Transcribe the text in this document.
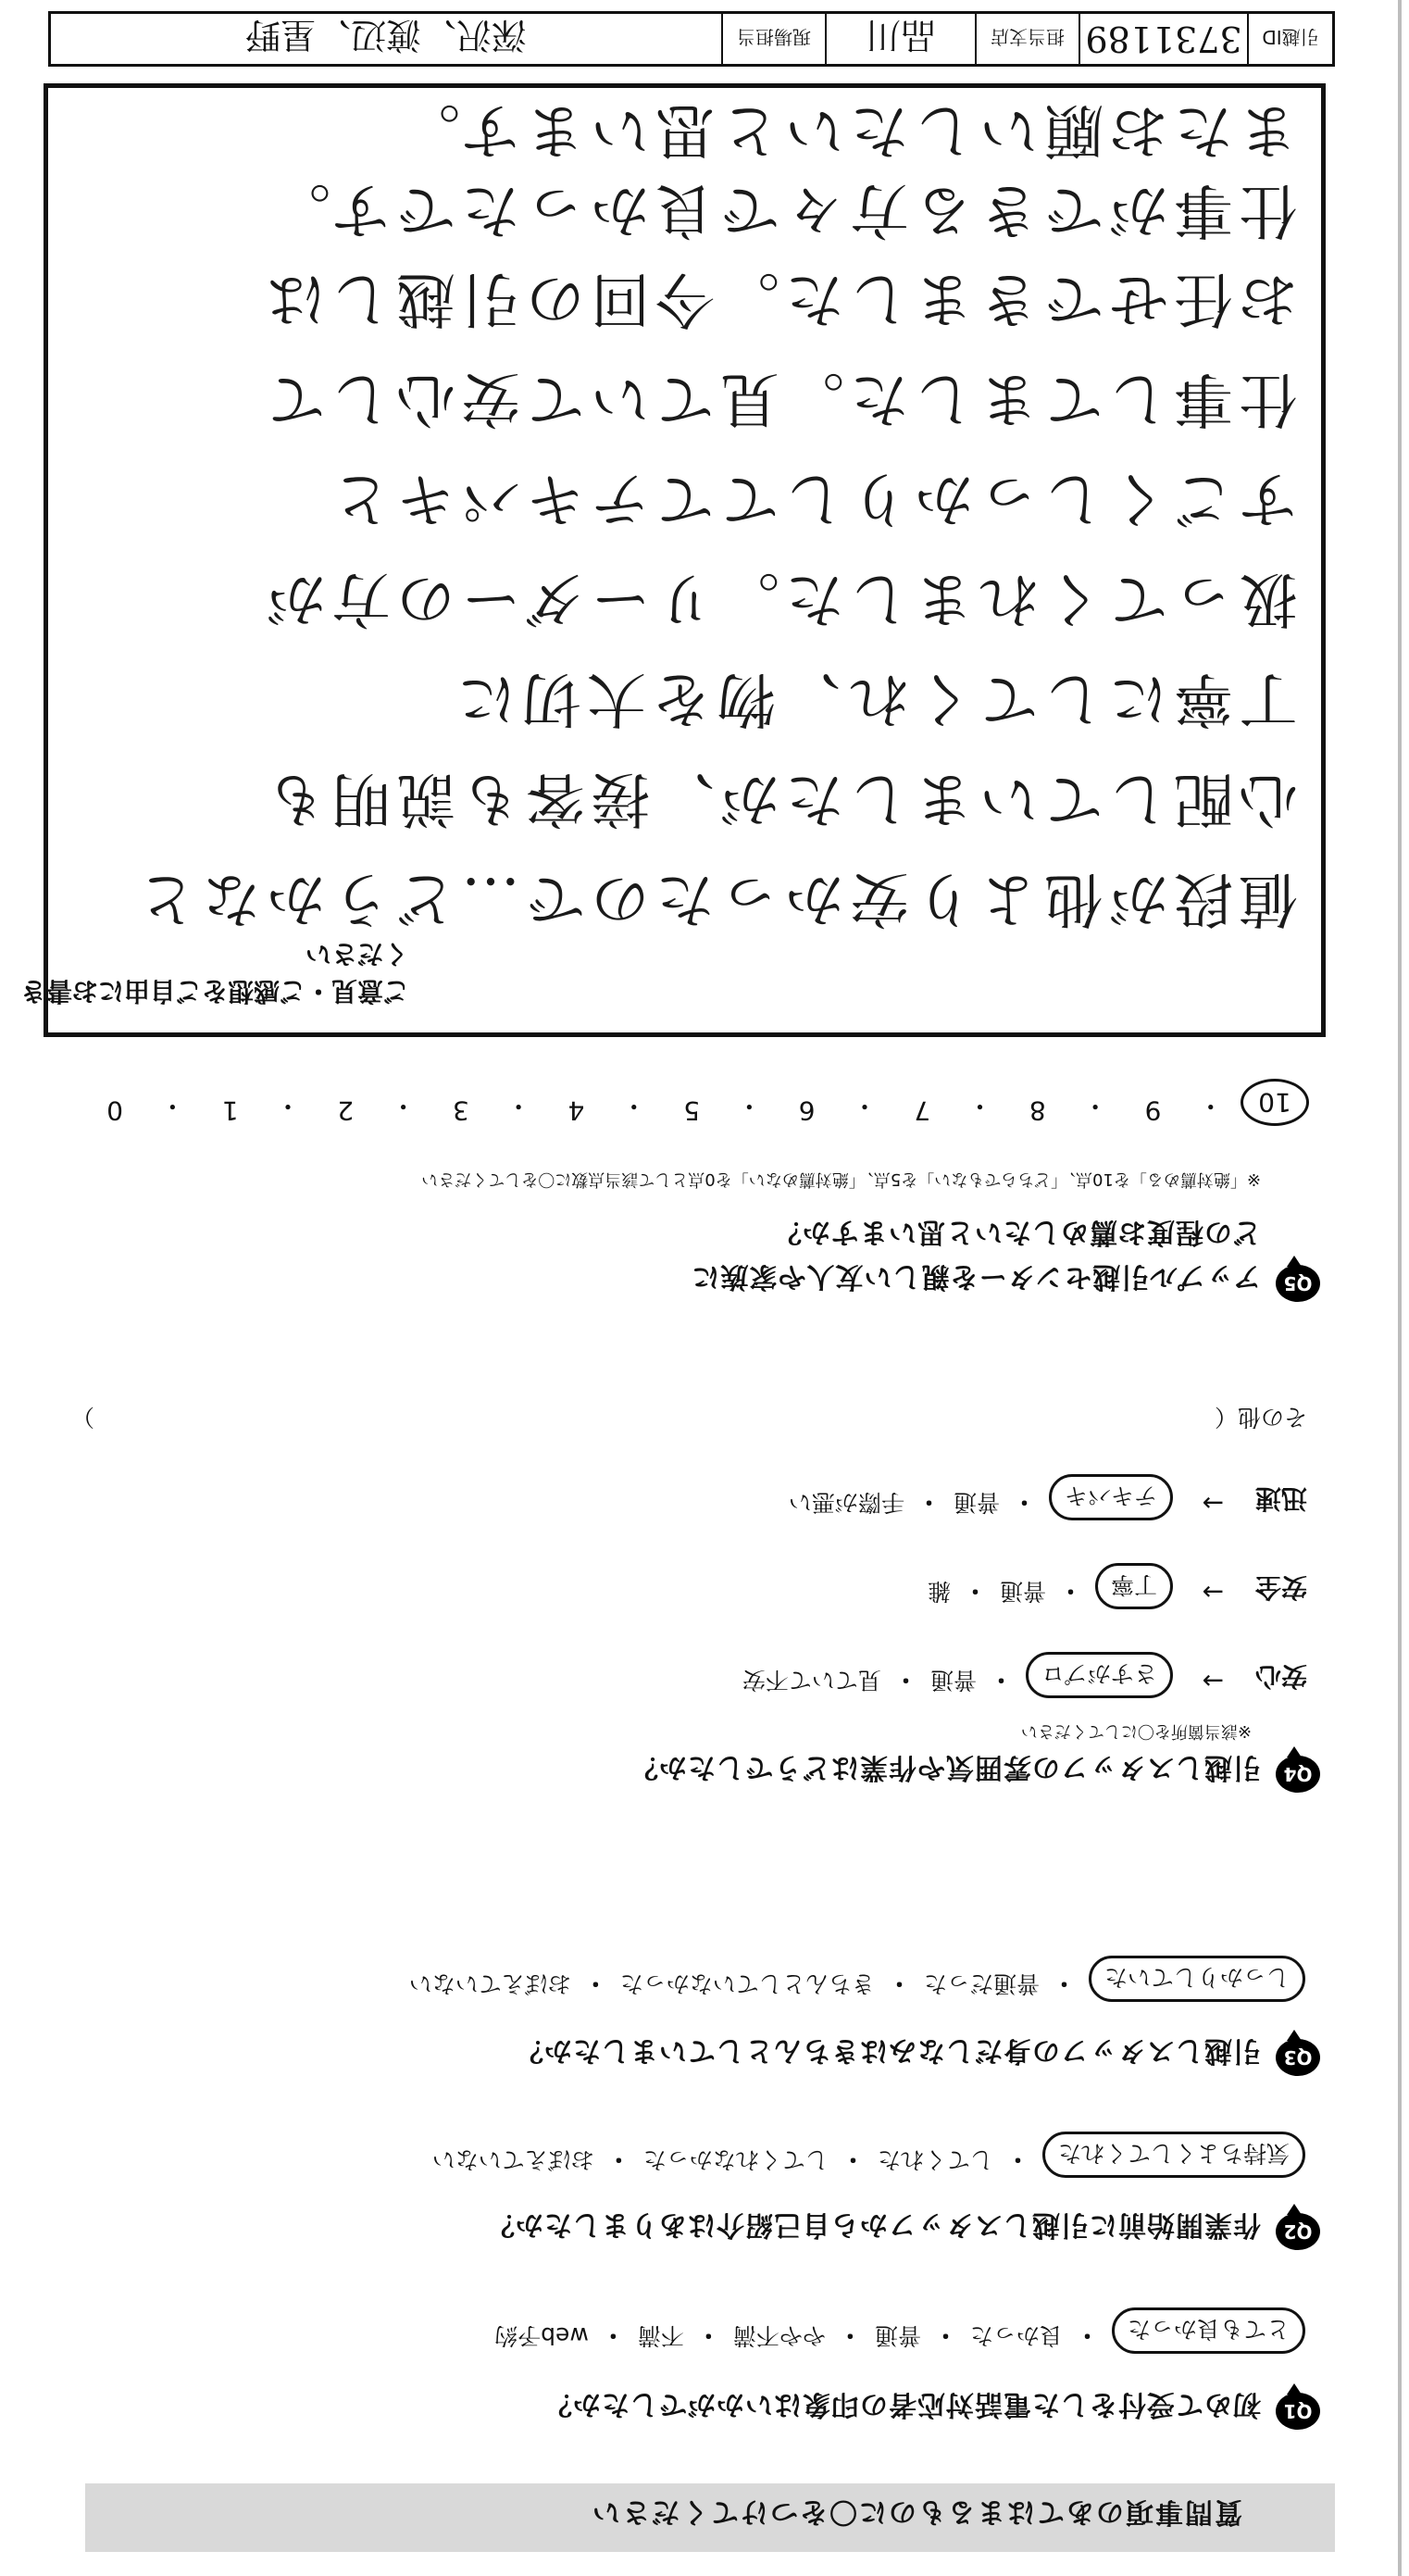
質問事項のあてはまるものに〇をつけてください
Q1
初めて受付をした電話対応者の印象はいかがでしたか？
とても良かった
・
良かった
・
普通
・
やや不満
・
不満
・
web予約
Q2
作業開始前に引越しスタッフから自己紹介はありましたか？
気持ちよくしてくれた
・
してくれた
・
してくれなかった
・
おぼえていない
Q3
引越しスタッフの身だしなみはきちんとしていましたか？
しっかりしていた
・
普通だった
・
きちんとしていなかった
・
おぼえていない
Q4
引越しスタッフの雰囲気や作業はどうでしたか？
※該当箇所を〇にしてください
安心
→
さすがプロ
・
普通
・
見ていて不安
安全
→
丁寧
・
普通
・
雑
迅速
→
テキパキ
・
普通
・
手際が悪い
その他（
）
Q5
アップル引越センターを親しい友人や家族に
どの程度お薦めしたいと思いますか？
※「絶対薦める」を10点、「どちらでもない」を5点、「絶対薦めない」を0点として該当点数に〇をしてください
10
・
9
・
8
・
7
・
6
・
5
・
4
・
3
・
2
・
1
・
0
ご意見・ご感想をご自由にお書きください
値段が他より安かったので…どうかなと
心配していましたが、接客も説明も
丁寧にしてくれ、物を大切に
扱ってくれました。リーダーの方が
すごくしっかりしててテキパキと
仕事してました。見ていて安心して
お任せできました。今回の引越しは
仕事ができる方々で良かったです。
またお願いしたいと思います。
引越ID
3731189
担当支店
品川
現場担当
深沢、渡辺、星野
